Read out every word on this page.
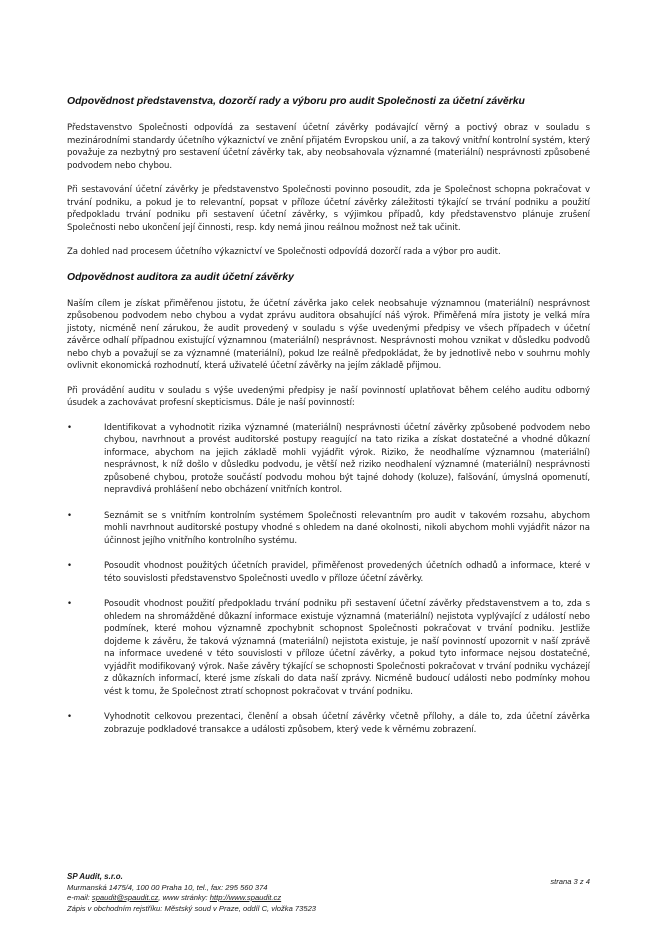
Odpovědnost představenstva, dozorčí rady a výboru pro audit Společnosti za účetní závěrku

Představenstvo Společnosti odpovídá za sestavení účetní závěrky podávající věrný a poctivý obraz v souladu s mezinárodními standardy účetního výkaznictví ve znění přijatém Evropskou unií, a za takový vnitřní kontrolní systém, který považuje za nezbytný pro sestavení účetní závěrky tak, aby neobsahovala významné (materiální) nesprávnosti způsobené podvodem nebo chybou.

Při sestavování účetní závěrky je představenstvo Společnosti povinno posoudit, zda je Společnost schopna pokračovat v trvání podniku, a pokud je to relevantní, popsat v příloze účetní závěrky záležitosti týkající se trvání podniku a použití předpokladu trvání podniku při sestavení účetní závěrky, s výjimkou případů, kdy představenstvo plánuje zrušení Společnosti nebo ukončení její činnosti, resp. kdy nemá jinou reálnou možnost než tak učinit.

Za dohled nad procesem účetního výkaznictví ve Společnosti odpovídá dozorčí rada a výbor pro audit.

Odpovědnost auditora za audit účetní závěrky

Naším cílem je získat přiměřenou jistotu, že účetní závěrka jako celek neobsahuje významnou (materiální) nesprávnost způsobenou podvodem nebo chybou a vydat zprávu auditora obsahující náš výrok. Přiměřená míra jistoty je velká míra jistoty, nicméně není zárukou, že audit provedený v souladu s výše uvedenými předpisy ve všech případech v účetní závěrce odhalí případnou existující významnou (materiální) nesprávnost. Nesprávnosti mohou vznikat v důsledku podvodů nebo chyb a považují se za významné (materiální), pokud lze reálně předpokládat, že by jednotlivě nebo v souhrnu mohly ovlivnit ekonomická rozhodnutí, která uživatelé účetní závěrky na jejím základě přijmou.

Při provádění auditu v souladu s výše uvedenými předpisy je naší povinností uplatňovat během celého auditu odborný úsudek a zachovávat profesní skepticismus. Dále je naší povinností:

•	Identifikovat a vyhodnotit rizika významné (materiální) nesprávnosti účetní závěrky způsobené podvodem nebo chybou, navrhnout a provést auditorské postupy reagující na tato rizika a získat dostatečné a vhodné důkazní informace, abychom na jejich základě mohli vyjádřit výrok. Riziko, že neodhalíme významnou (materiální) nesprávnost, k níž došlo v důsledku podvodu, je větší než riziko neodhalení významné (materiální) nesprávnosti způsobené chybou, protože součástí podvodu mohou být tajné dohody (koluze), falšování, úmyslná opomenutí, nepravdivá prohlášení nebo obcházení vnitřních kontrol.
•	Seznámit se s vnitřním kontrolním systémem Společnosti relevantním pro audit v takovém rozsahu, abychom mohli navrhnout auditorské postupy vhodné s ohledem na dané okolnosti, nikoli abychom mohli vyjádřit názor na účinnost jejího vnitřního kontrolního systému.
•	Posoudit vhodnost použitých účetních pravidel, přiměřenost provedených účetních odhadů a informace, které v této souvislosti představenstvo Společnosti uvedlo v příloze účetní závěrky.
•	Posoudit vhodnost použití předpokladu trvání podniku při sestavení účetní závěrky představenstvem a to, zda s ohledem na shromážděné důkazní informace existuje významná (materiální) nejistota vyplývající z událostí nebo podmínek, které mohou významně zpochybnit schopnost Společnosti pokračovat v trvání podniku. Jestliže dojdeme k závěru, že taková významná (materiální) nejistota existuje, je naší povinností upozornit v naší zprávě na informace uvedené v této souvislosti v příloze účetní závěrky, a pokud tyto informace nejsou dostatečné, vyjádřit modifikovaný výrok. Naše závěry týkající se schopnosti Společnosti pokračovat v trvání podniku vycházejí z důkazních informací, které jsme získali do data naší zprávy. Nicméně budoucí události nebo podmínky mohou vést k tomu, že Společnost ztratí schopnost pokračovat v trvání podniku.
•	Vyhodnotit celkovou prezentaci, členění a obsah účetní závěrky včetně přílohy, a dále to, zda účetní závěrka zobrazuje podkladové transakce a události způsobem, který vede k věrnému zobrazení.
SP Audit, s.r.o.
Murmanská 1475/4, 100 00 Praha 10, tel., fax: 295 560 374
e-mail: spaudit@spaudit.cz, www stránky: http://www.spaudit.cz
Zápis v obchodním rejstříku: Městský soud v Praze, oddíl C, vložka 73523
strana 3 z 4
